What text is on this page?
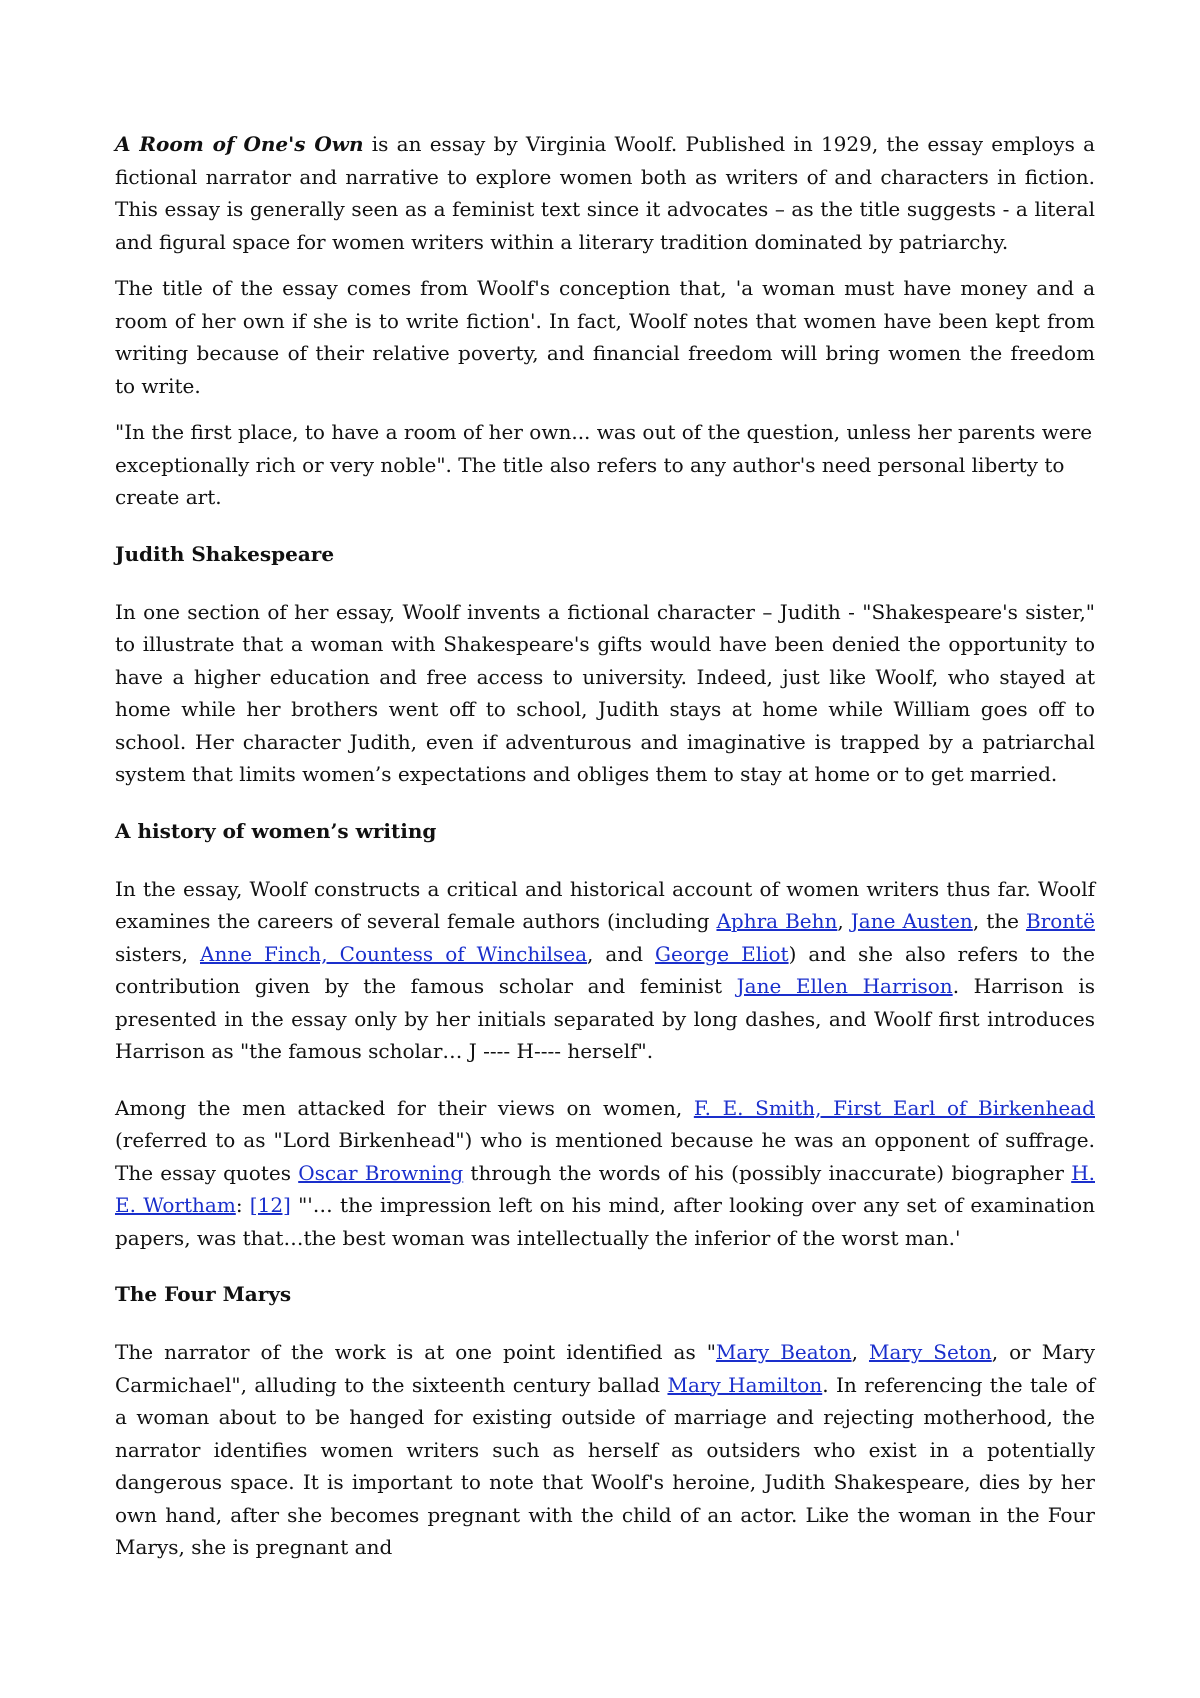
A Room of One's Own is an essay by Virginia Woolf. Published in 1929, the essay employs a fictional narrator and narrative to explore women both as writers of and characters in fiction. This essay is generally seen as a feminist text since it advocates – as the title suggests - a literal and figural space for women writers within a literary tradition dominated by patriarchy.

The title of the essay comes from Woolf's conception that, 'a woman must have money and a room of her own if she is to write fiction'. In fact, Woolf notes that women have been kept from writing because of their relative poverty, and financial freedom will bring women the freedom to write.

"In the first place, to have a room of her own... was out of the question, unless her parents were exceptionally rich or very noble". The title also refers to any author's need personal liberty to create art.

Judith Shakespeare

In one section of her essay, Woolf invents a fictional character – Judith - "Shakespeare's sister," to illustrate that a woman with Shakespeare's gifts would have been denied the opportunity to have a higher education and free access to university. Indeed, just like Woolf, who stayed at home while her brothers went off to school, Judith stays at home while William goes off to school. Her character Judith, even if adventurous and imaginative is trapped by a patriarchal system that limits women’s expectations and obliges them to stay at home or to get married.

A history of women’s writing

In the essay, Woolf constructs a critical and historical account of women writers thus far. Woolf examines the careers of several female authors (including Aphra Behn, Jane Austen, the Brontë sisters, Anne Finch, Countess of Winchilsea, and George Eliot) and she also refers to the contribution given by the famous scholar and feminist Jane Ellen Harrison. Harrison is presented in the essay only by her initials separated by long dashes, and Woolf first introduces Harrison as "the famous scholar… J ---- H---- herself".

Among the men attacked for their views on women, F. E. Smith, First Earl of Birkenhead (referred to as "Lord Birkenhead") who is mentioned because he was an opponent of suffrage. The essay quotes Oscar Browning through the words of his (possibly inaccurate) biographer H. E. Wortham: [12] "'… the impression left on his mind, after looking over any set of examination papers, was that…the best woman was intellectually the inferior of the worst man.'

The Four Marys

The narrator of the work is at one point identified as "Mary Beaton, Mary Seton, or Mary Carmichael", alluding to the sixteenth century ballad Mary Hamilton. In referencing the tale of a woman about to be hanged for existing outside of marriage and rejecting motherhood, the narrator identifies women writers such as herself as outsiders who exist in a potentially dangerous space. It is important to note that Woolf's heroine, Judith Shakespeare, dies by her own hand, after she becomes pregnant with the child of an actor. Like the woman in the Four Marys, she is pregnant and
